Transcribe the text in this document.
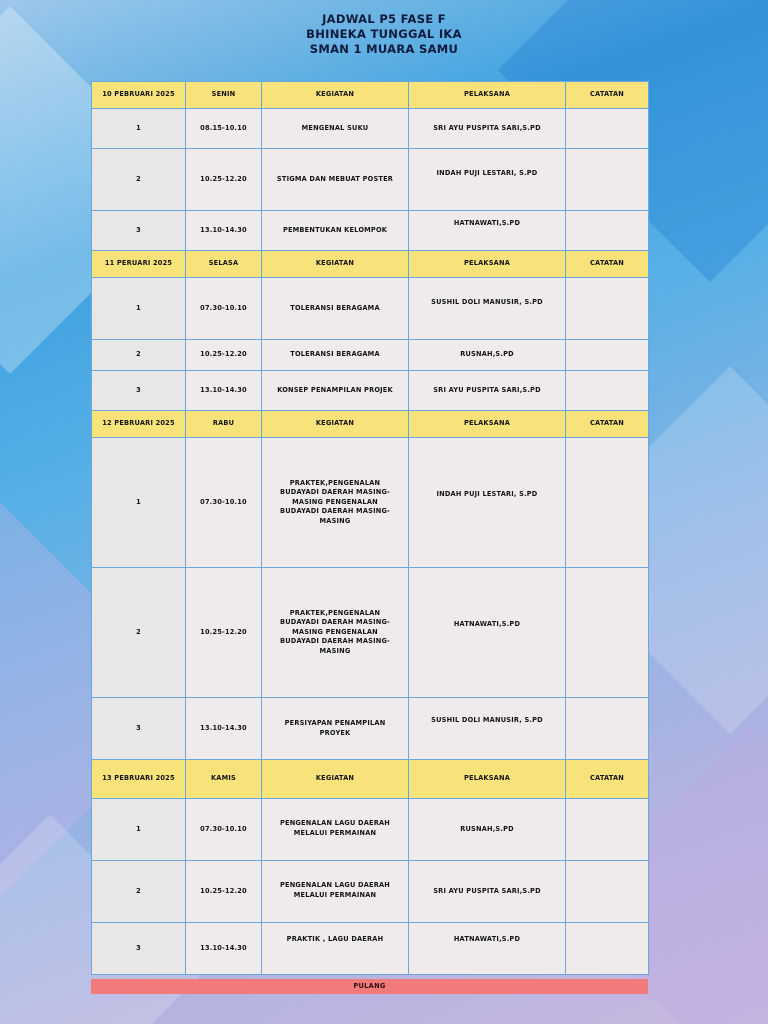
JADWAL P5 FASE F
BHINEKA TUNGGAL IKA
SMAN 1 MUARA SAMU
10 PEBRUARI 2025	SENIN	KEGIATAN	PELAKSANA	CATATAN
1	08.15-10.10	MENGENAL SUKU	SRI AYU PUSPITA SARI,S.PD	
2	10.25-12.20	STIGMA DAN MEBUAT POSTER	INDAH PUJI LESTARI, S.PD	
3	13.10-14.30	PEMBENTUKAN KELOMPOK	HATNAWATI,S.PD	
11 PERUARI 2025	SELASA	KEGIATAN	PELAKSANA	CATATAN
1	07.30-10.10	TOLERANSI BERAGAMA	SUSHIL DOLI MANUSIR, S.PD	
2	10.25-12.20	TOLERANSI BERAGAMA	RUSNAH,S.PD	
3	13.10-14.30	KONSEP PENAMPILAN PROJEK	SRI AYU PUSPITA SARI,S.PD	
12 PEBRUARI 2025	RABU	KEGIATAN	PELAKSANA	CATATAN
1	07.30-10.10	PRAKTEK,PENGENALAN BUDAYADI DAERAH MASING-MASING PENGENALAN BUDAYADI DAERAH MASING-MASING	INDAH PUJI LESTARI, S.PD	
2	10.25-12.20	PRAKTEK,PENGENALAN BUDAYADI DAERAH MASING-MASING PENGENALAN BUDAYADI DAERAH MASING-MASING	HATNAWATI,S.PD	
3	13.10-14.30	PERSIYAPAN PENAMPILAN PROYEK	SUSHIL DOLI MANUSIR, S.PD	
13 PEBRUARI 2025	KAMIS	KEGIATAN	PELAKSANA	CATATAN
1	07.30-10.10	PENGENALAN LAGU DAERAH MELALUI PERMAINAN	RUSNAH,S.PD	
2	10.25-12.20	PENGENALAN LAGU DAERAH MELALUI PERMAINAN	SRI AYU PUSPITA SARI,S.PD	
3	13.10-14.30	PRAKTIK , LAGU DAERAH	HATNAWATI,S.PD	
PULANG
